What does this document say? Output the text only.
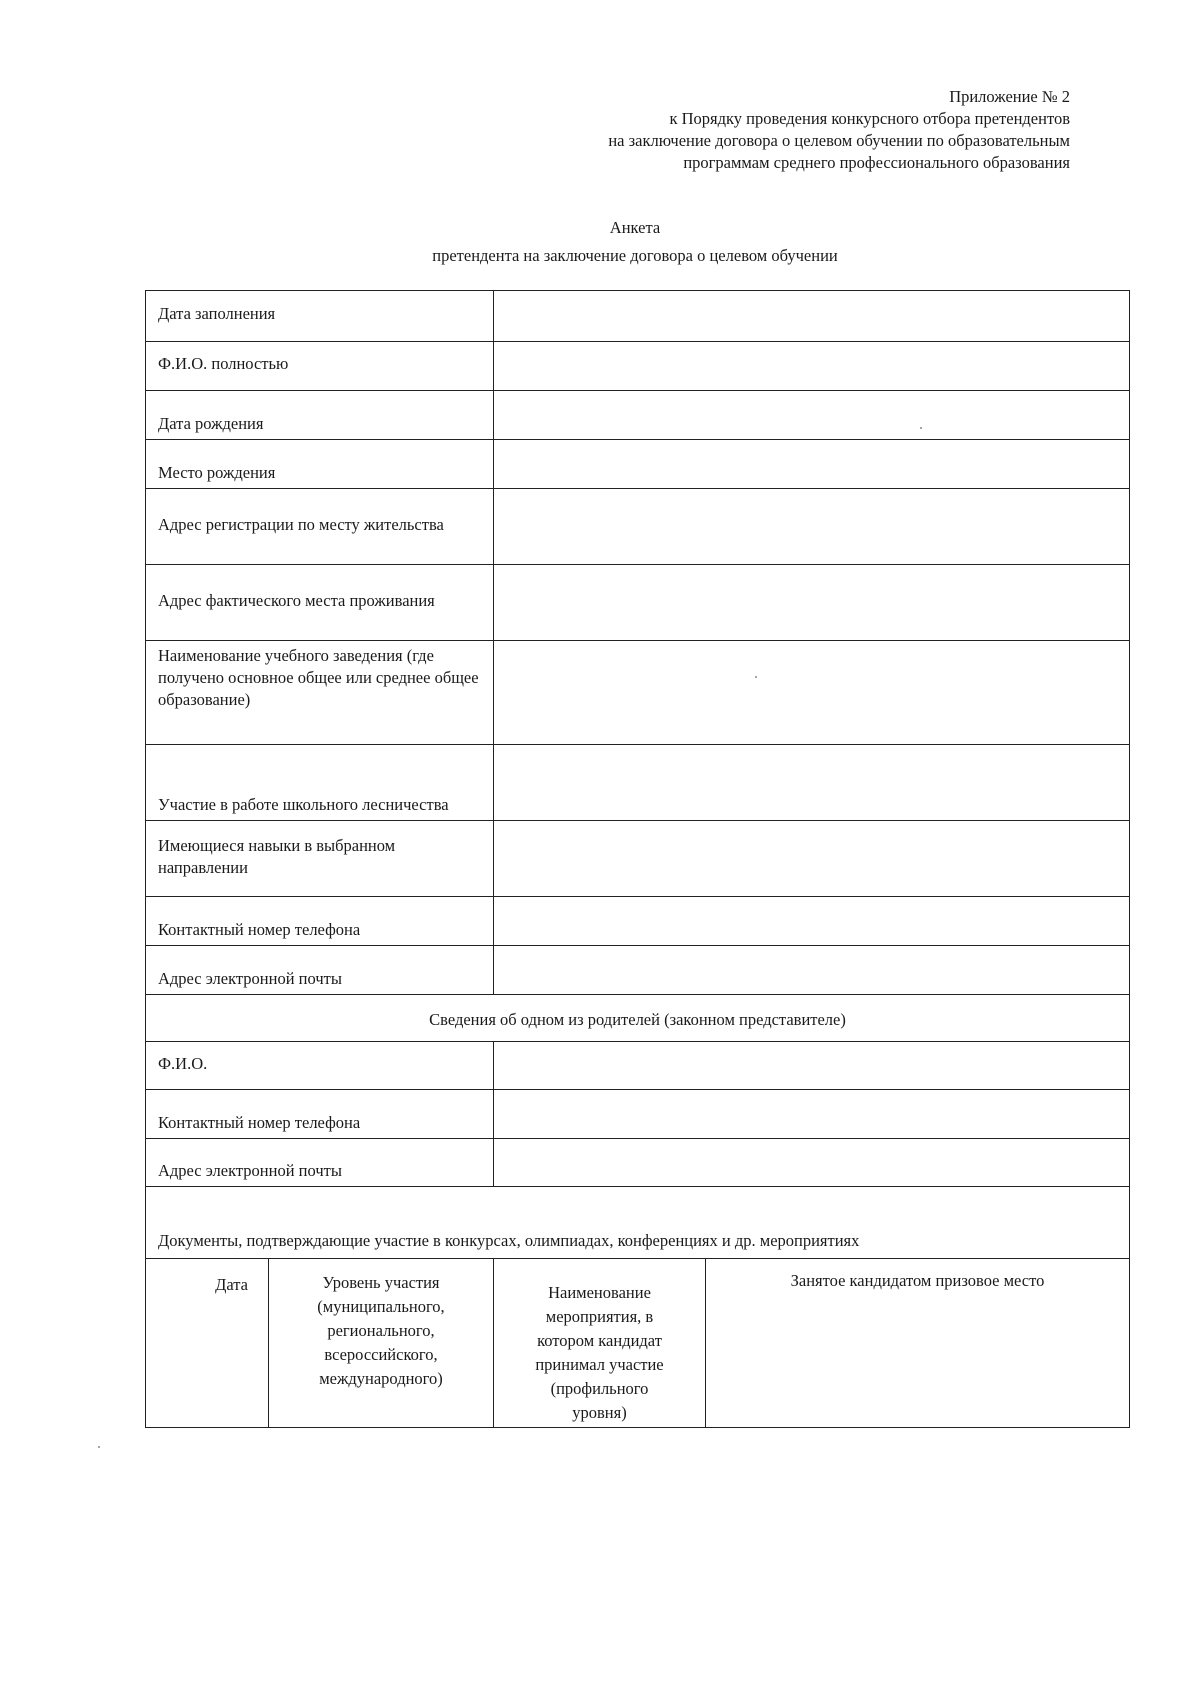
Приложение № 2
к Порядку проведения конкурсного отбора претендентов
на заключение договора о целевом обучении по образовательным
программам среднего профессионального образования
Анкета
претендента на заключение договора о целевом обучении
Дата заполнения
Ф.И.О. полностью
Дата рождения
Место рождения
Адрес регистрации по месту жительства
Адрес фактического места проживания
Наименование учебного заведения (где получено основное общее или среднее общее образование)
Участие в работе школьного лесничества
Имеющиеся навыки в выбранном направлении
Контактный номер телефона
Адрес электронной почты
Сведения об одном из родителей (законном представителе)
Ф.И.О.
Контактный номер телефона
Адрес электронной почты
Документы, подтверждающие участие в конкурсах, олимпиадах, конференциях и др. мероприятиях
Дата	Уровень участия
(муниципального,
регионального,
всероссийского,
международного)
Наименование
мероприятия, в
котором кандидат
принимал участие
(профильного
уровня)
Занятое кандидатом призовое место
